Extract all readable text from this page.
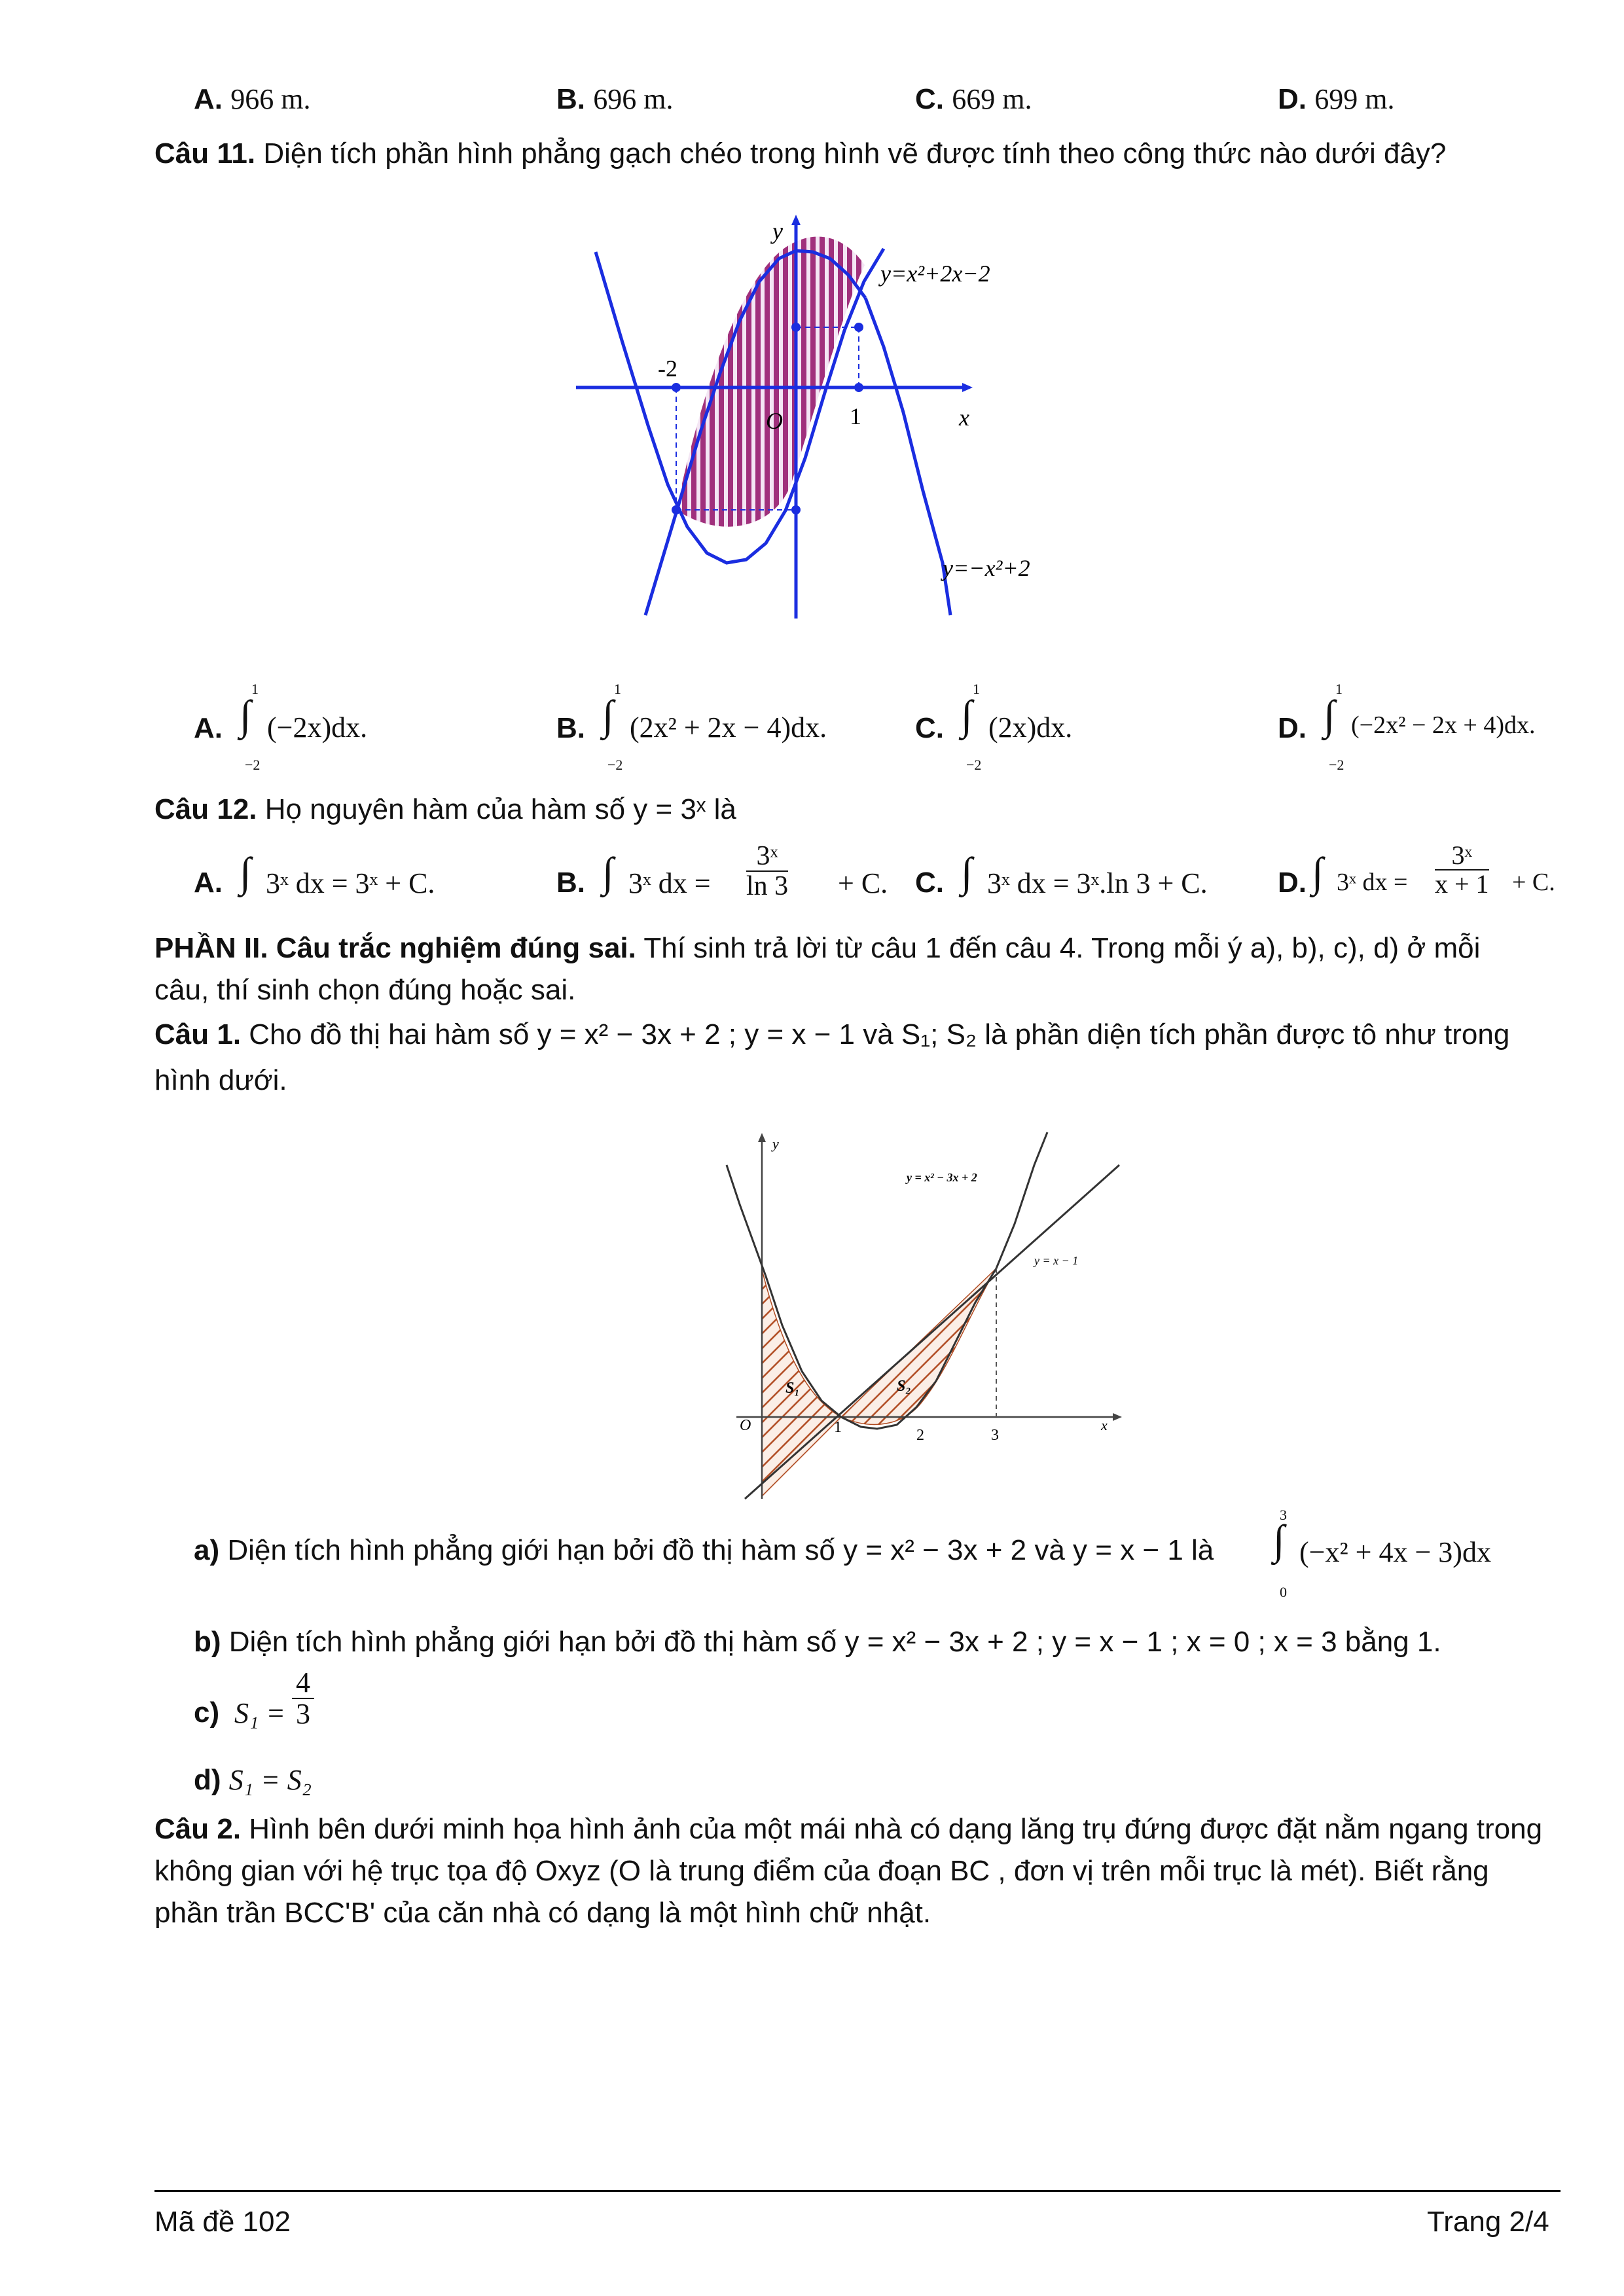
A. 966 m.	B. 696 m.	C. 669 m.	D. 699 m.
Câu 11. Diện tích phần hình phẳng gạch chéo trong hình vẽ được tính theo công thức nào dưới đây?
y
x
O
-2
1
y=x²+2x−2
y=−x²+2
A.
1
∫
−2
(−2x)dx.	B.
1
∫
−2
(2x² + 2x − 4)dx.	C.
1
∫
−2
(2x)dx.	D.
1
∫
−2
(−2x² − 2x + 4)dx.
Câu 12. Họ nguyên hàm của hàm số y = 3ˣ là
A. ∫ 3ˣ dx = 3ˣ + C.	B. ∫ 3ˣ dx = $\frac{\text{3ˣ}}{\ln 3} + C$. C. ∫ 3ˣ dx = 3ˣ.ln 3 + C. D. ∫ 3ˣ dx = $\frac{\text{3ˣ}}{x + 1} + C$.
PHẦN II. Câu trắc nghiệm đúng sai. Thí sinh trả lời từ câu 1 đến câu 4. Trong mỗi ý a), b), c), d) ở mỗi
câu, thí sinh chọn đúng hoặc sai.
Câu 1. Cho đồ thị hai hàm số y = x² − 3x + 2 ; y = x − 1 và S₁; S₂ là phần diện tích phần được tô như trong
hình dưới.
y
x
O	1	2	3
y = x² − 3x + 2
y = x − 1
S₁	S₂
a) Diện tích hình phẳng giới hạn bởi đồ thị hàm số y = x² − 3x + 2 và y = x − 1 là
3
∫
0
(−x² + 4x − 3)dx
b) Diện tích hình phẳng giới hạn bởi đồ thị hàm số y = x² − 3x + 2 ; y = x − 1 ; x = 0 ; x = 3 bằng 1.
c) $S_1 = \frac{4}{3}$
d) S₁ = S₂
Câu 2. Hình bên dưới minh họa hình ảnh của một mái nhà có dạng lăng trụ đứng được đặt nằm ngang trong
không gian với hệ trục tọa độ Oxyz (O là trung điểm của đoạn BC , đơn vị trên mỗi trục là mét). Biết rằng
phần trần BCC'B' của căn nhà có dạng là một hình chữ nhật.
Mã đề 102	Trang 2/4
